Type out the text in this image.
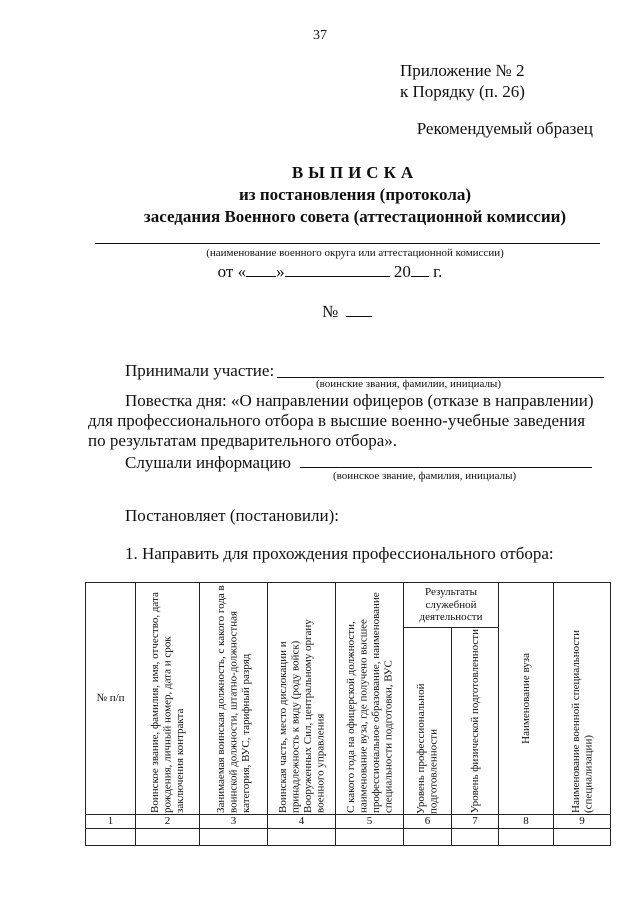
37
Приложение № 2
к Порядку (п. 26)
Рекомендуемый образец
ВЫПИСКА
из постановления (протокола)
заседания Военного совета (аттестационной комиссии)
(наименование военного округа или аттестационной комиссии)
от « »	20 г.
№
Принимали участие:
(воинские звания, фамилии, инициалы)
Повестка дня: «О направлении офицеров (отказе в направлении)
для профессионального отбора в высшие военно-учебные заведения
по результатам предварительного отбора».
Слушали информацию
(воинское звание, фамилия, инициалы)
Постановляет (постановили):
1. Направить для прохождения профессионального отбора:
№ п/п	Воинское звание, фамилия, имя, отчество, дата рождения, личный номер, дата и срок заключения контракта	Занимаемая воинская должность, с какого года в воинской должности, штатно-должностная категория, ВУС, тарифный разряд	Воинская часть, место дислокации и принадлежность к виду (роду войск) Вооруженных Сил, центральному органу военного управления	С какого года на офицерской должности, наименование вуза, где получено высшее профессиональное образование, наименование специальности подготовки, ВУС	Результаты служебной деятельности		Наименование вуза	Наименование военной специальности (специализации)

					Уровень профессиональной подготовленности	Уровень физической подготовленности		

1	2	3	4	5	6	7	8	9
